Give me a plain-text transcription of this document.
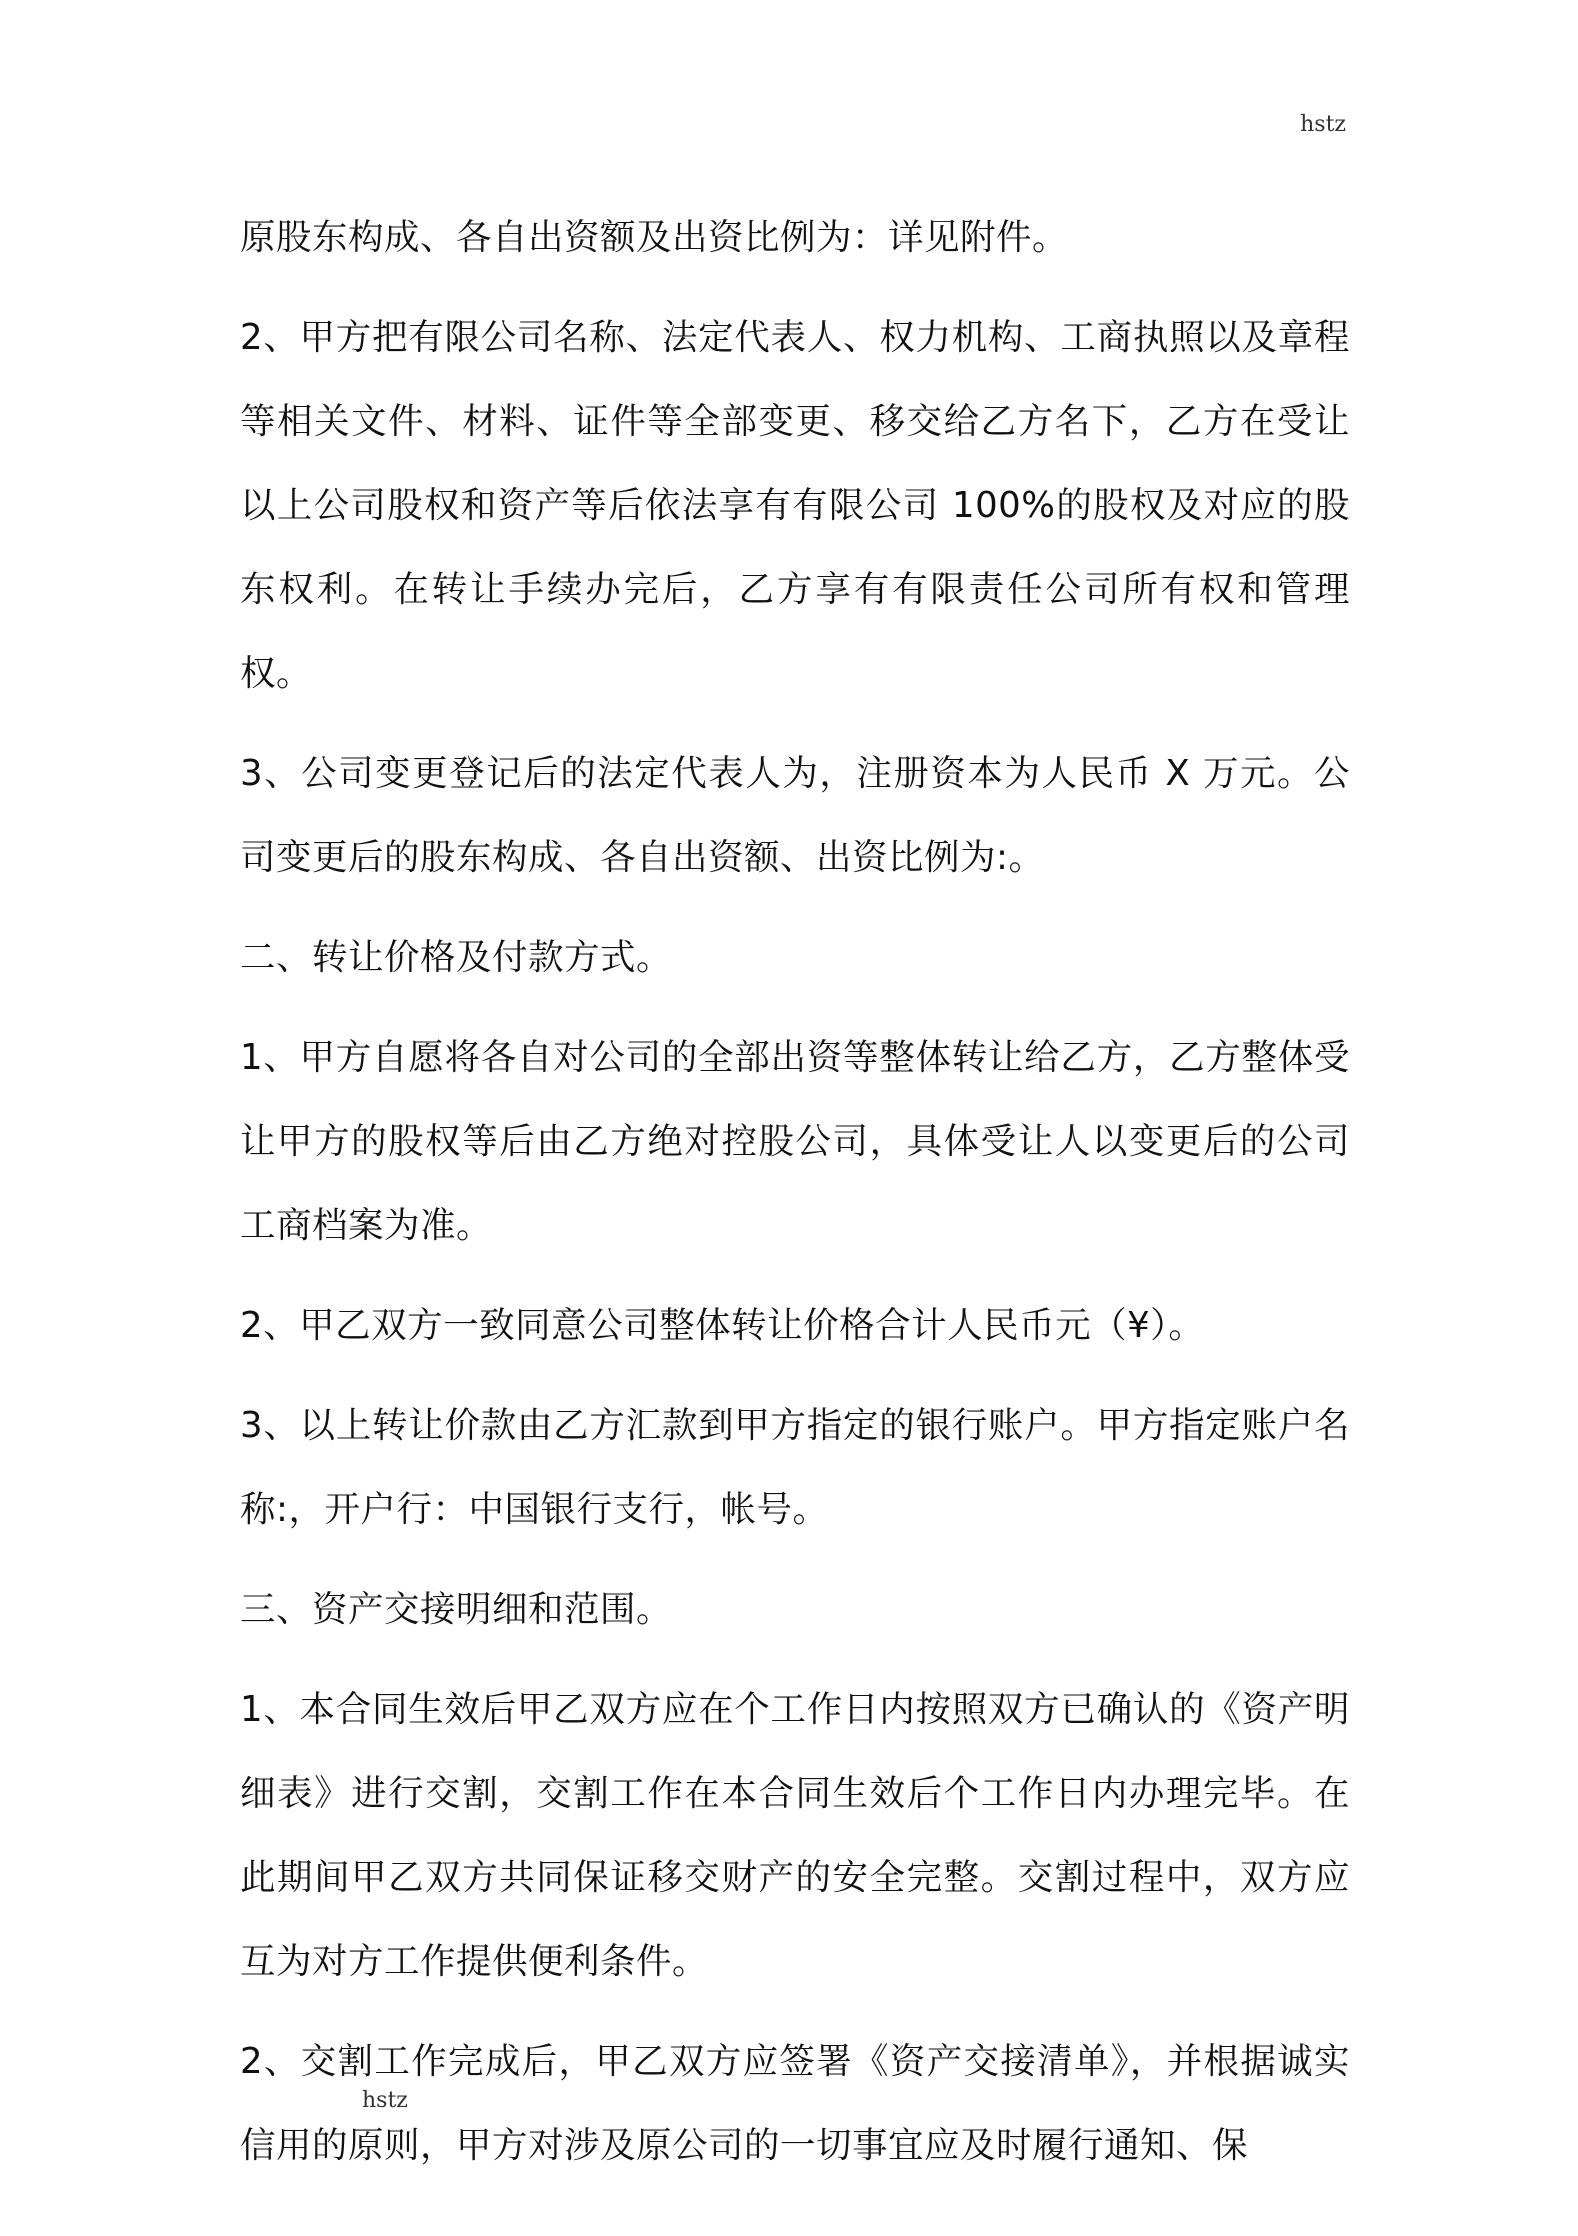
hstz

原股东构成、各自出资额及出资比例为：详见附件。

2、甲方把有限公司名称、法定代表人、权力机构、工商执照以及章程等相关文件、材料、证件等全部变更、移交给乙方名下，乙方在受让以上公司股权和资产等后依法享有有限公司 100%的股权及对应的股东权利。在转让手续办完后，乙方享有有限责任公司所有权和管理权。

3、公司变更登记后的法定代表人为，注册资本为人民币 X 万元。公司变更后的股东构成、各自出资额、出资比例为:。

二、转让价格及付款方式。

1、甲方自愿将各自对公司的全部出资等整体转让给乙方，乙方整体受让甲方的股权等后由乙方绝对控股公司，具体受让人以变更后的公司工商档案为准。

2、甲乙双方一致同意公司整体转让价格合计人民币元（¥）。

3、以上转让价款由乙方汇款到甲方指定的银行账户。甲方指定账户名称:，开户行：中国银行支行，帐号。

三、资产交接明细和范围。

1、本合同生效后甲乙双方应在个工作日内按照双方已确认的《资产明细表》进行交割，交割工作在本合同生效后个工作日内办理完毕。在此期间甲乙双方共同保证移交财产的安全完整。交割过程中，双方应互为对方工作提供便利条件。

2、交割工作完成后，甲乙双方应签署《资产交接清单》，并根据诚实信用的原则，甲方对涉及原公司的一切事宜应及时履行通知、保

hstz
